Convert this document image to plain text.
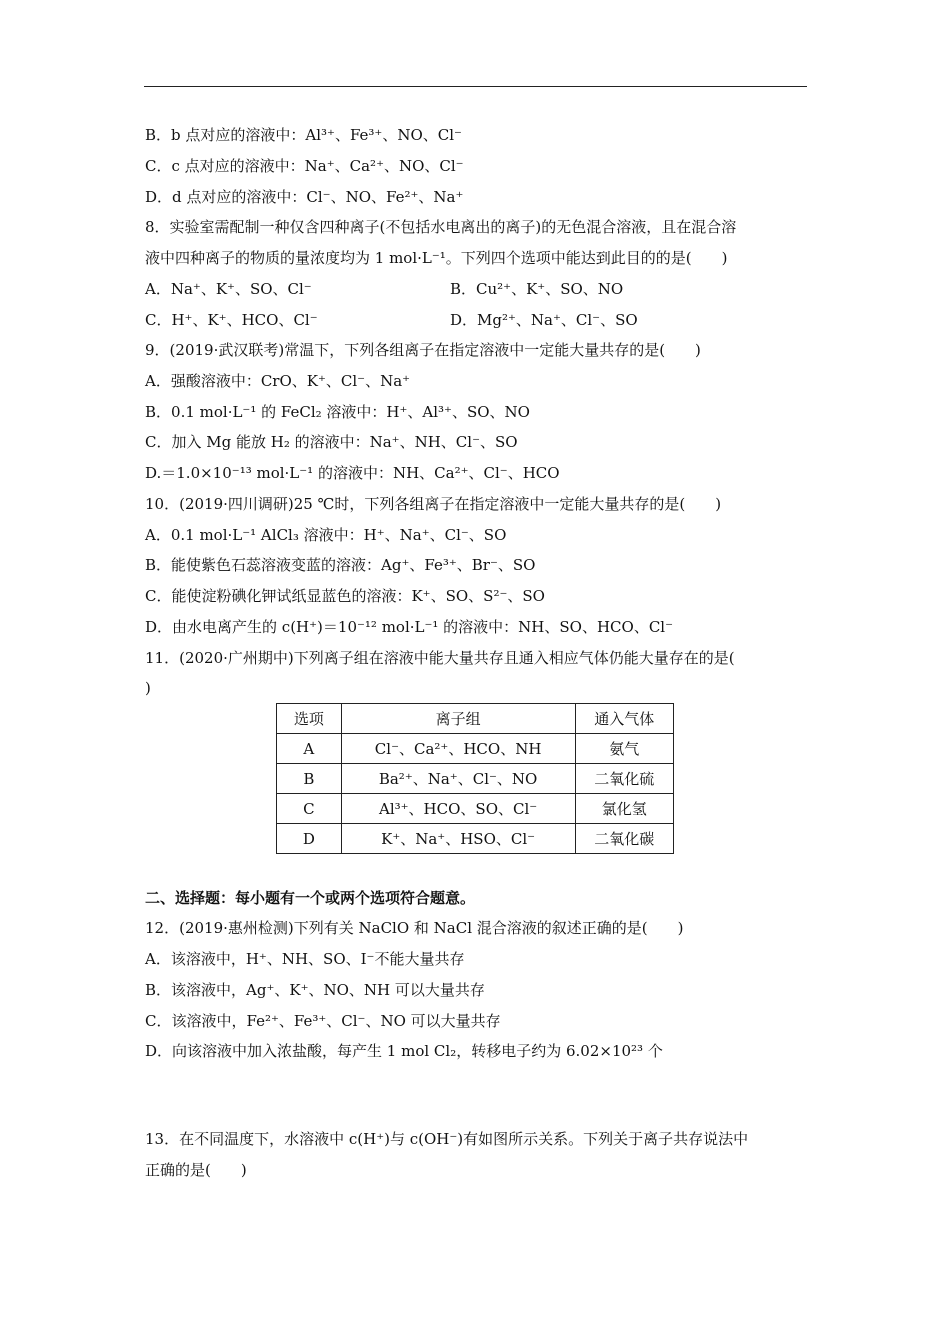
B．b 点对应的溶液中：Al³⁺、Fe³⁺、NO、Cl⁻
C．c 点对应的溶液中：Na⁺、Ca²⁺、NO、Cl⁻
D．d 点对应的溶液中：Cl⁻、NO、Fe²⁺、Na⁺
8．实验室需配制一种仅含四种离子(不包括水电离出的离子)的无色混合溶液，且在混合溶
液中四种离子的物质的量浓度均为 1 mol·L⁻¹。下列四个选项中能达到此目的的是(　　)
A．Na⁺、K⁺、SO、Cl⁻	B．Cu²⁺、K⁺、SO、NO
C．H⁺、K⁺、HCO、Cl⁻	D．Mg²⁺、Na⁺、Cl⁻、SO
9．(2019·武汉联考)常温下，下列各组离子在指定溶液中一定能大量共存的是(　　)
A．强酸溶液中：CrO、K⁺、Cl⁻、Na⁺
B．0.1 mol·L⁻¹ 的 FeCl₂ 溶液中：H⁺、Al³⁺、SO、NO
C．加入 Mg 能放 H₂ 的溶液中：Na⁺、NH、Cl⁻、SO
D.＝1.0×10⁻¹³ mol·L⁻¹ 的溶液中：NH、Ca²⁺、Cl⁻、HCO
10．(2019·四川调研)25 ℃时，下列各组离子在指定溶液中一定能大量共存的是(　　)
A．0.1 mol·L⁻¹ AlCl₃ 溶液中：H⁺、Na⁺、Cl⁻、SO
B．能使紫色石蕊溶液变蓝的溶液：Ag⁺、Fe³⁺、Br⁻、SO
C．能使淀粉碘化钾试纸显蓝色的溶液：K⁺、SO、S²⁻、SO
D．由水电离产生的 c(H⁺)＝10⁻¹² mol·L⁻¹ 的溶液中：NH、SO、HCO、Cl⁻
11．(2020·广州期中)下列离子组在溶液中能大量共存且通入相应气体仍能大量存在的是(
)
选项	离子组	通入气体
A	Cl⁻、Ca²⁺、HCO、NH	氨气
B	Ba²⁺、Na⁺、Cl⁻、NO	二氧化硫
C	Al³⁺、HCO、SO、Cl⁻	氯化氢
D	K⁺、Na⁺、HSO、Cl⁻	二氧化碳
二、选择题：每小题有一个或两个选项符合题意。
12．(2019·惠州检测)下列有关 NaClO 和 NaCl 混合溶液的叙述正确的是(　　)
A．该溶液中，H⁺、NH、SO、I⁻不能大量共存
B．该溶液中，Ag⁺、K⁺、NO、NH 可以大量共存
C．该溶液中，Fe²⁺、Fe³⁺、Cl⁻、NO 可以大量共存
D．向该溶液中加入浓盐酸，每产生 1 mol Cl₂，转移电子约为 6.02×10²³ 个
13．在不同温度下，水溶液中 c(H⁺)与 c(OH⁻)有如图所示关系。下列关于离子共存说法中
正确的是(　　)
